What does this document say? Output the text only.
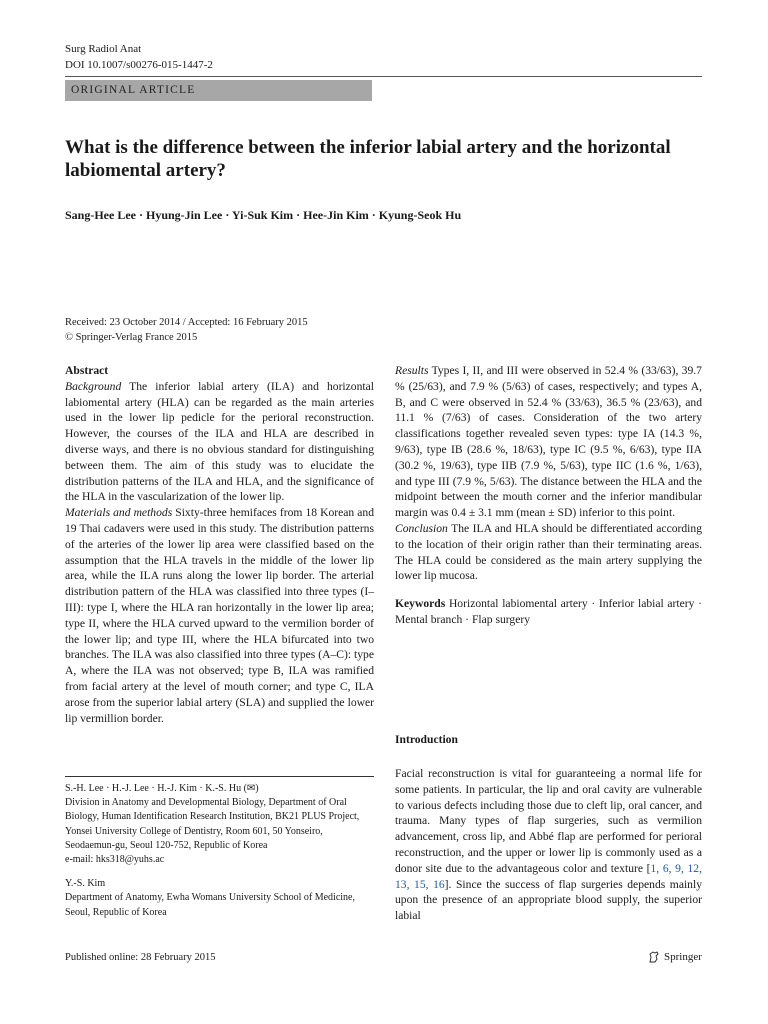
Surg Radiol Anat
DOI 10.1007/s00276-015-1447-2
ORIGINAL ARTICLE
What is the difference between the inferior labial artery and the horizontal labiomental artery?
Sang-Hee Lee · Hyung-Jin Lee · Yi-Suk Kim · Hee-Jin Kim · Kyung-Seok Hu
Received: 23 October 2014 / Accepted: 16 February 2015
© Springer-Verlag France 2015

Abstract

Background The inferior labial artery (ILA) and horizontal labiomental artery (HLA) can be regarded as the main arteries used in the lower lip pedicle for the perioral reconstruction. However, the courses of the ILA and HLA are described in diverse ways, and there is no obvious standard for distinguishing between them. The aim of this study was to elucidate the distribution patterns of the ILA and HLA, and the significance of the HLA in the vascularization of the lower lip.

Materials and methods Sixty-three hemifaces from 18 Korean and 19 Thai cadavers were used in this study. The distribution patterns of the arteries of the lower lip area were classified based on the assumption that the HLA travels in the middle of the lower lip area, while the ILA runs along the lower lip border. The arterial distribution pattern of the HLA was classified into three types (I–III): type I, where the HLA ran horizontally in the lower lip area; type II, where the HLA curved upward to the vermilion border of the lower lip; and type III, where the HLA bifurcated into two branches. The ILA was also classified into three types (A–C): type A, where the ILA was not observed; type B, ILA was ramified from facial artery at the level of mouth corner; and type C, ILA arose from the superior labial artery (SLA) and supplied the lower lip vermillion border.

Results Types I, II, and III were observed in 52.4 % (33/63), 39.7 % (25/63), and 7.9 % (5/63) of cases, respectively; and types A, B, and C were observed in 52.4 % (33/63), 36.5 % (23/63), and 11.1 % (7/63) of cases. Consideration of the two artery classifications together revealed seven types: type IA (14.3 %, 9/63), type IB (28.6 %, 18/63), type IC (9.5 %, 6/63), type IIA (30.2 %, 19/63), type IIB (7.9 %, 5/63), type IIC (1.6 %, 1/63), and type III (7.9 %, 5/63). The distance between the HLA and the midpoint between the mouth corner and the inferior mandibular margin was 0.4 ± 3.1 mm (mean ± SD) inferior to this point.

Conclusion The ILA and HLA should be differentiated according to the location of their origin rather than their terminating areas. The HLA could be considered as the main artery supplying the lower lip mucosa.

Keywords Horizontal labiomental artery · Inferior labial artery · Mental branch · Flap surgery

Introduction

Facial reconstruction is vital for guaranteeing a normal life for some patients. In particular, the lip and oral cavity are vulnerable to various defects including those due to cleft lip, oral cancer, and trauma. Many types of flap surgeries, such as vermilion advancement, cross lip, and Abbé flap are performed for perioral reconstruction, and the upper or lower lip is commonly used as a donor site due to the advantageous color and texture [1, 6, 9, 12, 13, 15, 16]. Since the success of flap surgeries depends mainly upon the presence of an appropriate blood supply, the superior labial

S.-H. Lee · H.-J. Lee · H.-J. Kim · K.-S. Hu (✉)

Division in Anatomy and Developmental Biology, Department of Oral Biology, Human Identification Research Institution, BK21 PLUS Project, Yonsei University College of Dentistry, Room 601, 50 Yonseiro, Seodaemun-gu, Seoul 120-752, Republic of Korea

e-mail: hks318@yuhs.ac

Y.-S. Kim

Department of Anatomy, Ewha Womans University School of Medicine, Seoul, Republic of Korea

Published online: 28 February 2015	Springer
